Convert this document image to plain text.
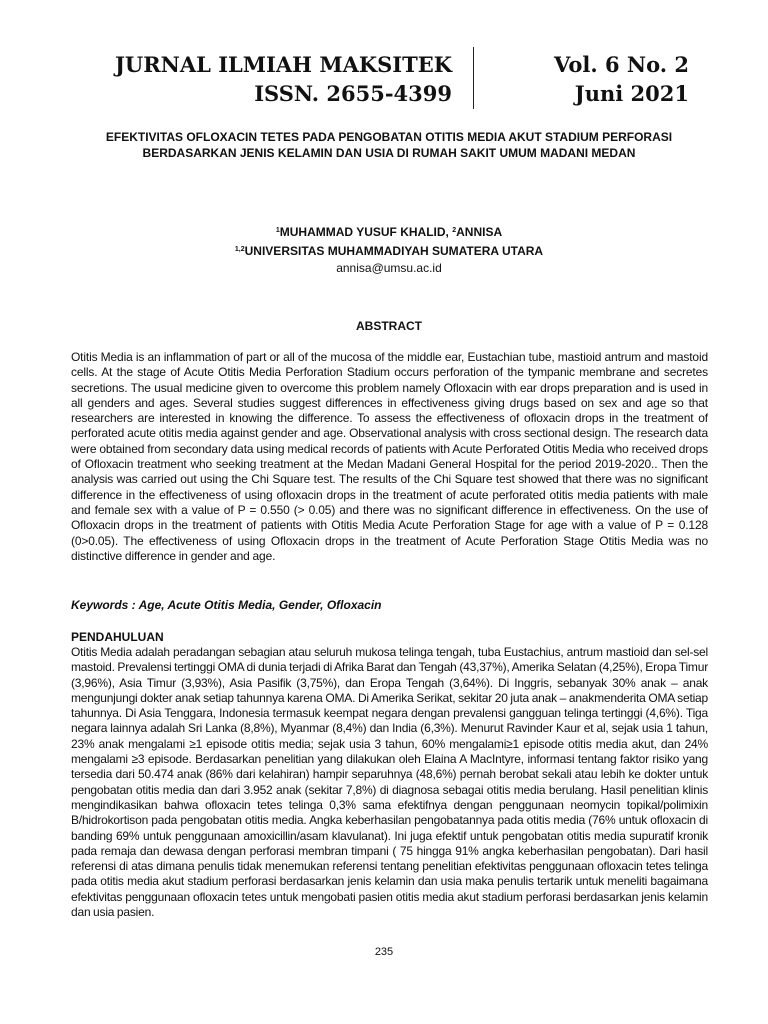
JURNAL ILMIAH MAKSITEK
ISSN. 2655-4399
Vol. 6 No. 2
Juni 2021
EFEKTIVITAS OFLOXACIN TETES PADA PENGOBATAN OTITIS MEDIA AKUT STADIUM PERFORASI
BERDASARKAN JENIS KELAMIN DAN USIA DI RUMAH SAKIT UMUM MADANI MEDAN
$^1$MUHAMMAD YUSUF KHALID, $^2$ANNISA
$^{1,2}$UNIVERSITAS MUHAMMADIYAH SUMATERA UTARA
annisa@umsu.ac.id
ABSTRACT
Otitis Media is an inflammation of part or all of the mucosa of the middle ear, Eustachian tube, mastioid antrum and mastoid cells. At the stage of Acute Otitis Media Perforation Stadium occurs perforation of the tympanic membrane and secretes secretions. The usual medicine given to overcome this problem namely Ofloxacin with ear drops preparation and is used in all genders and ages. Several studies suggest differences in effectiveness giving drugs based on sex and age so that researchers are interested in knowing the difference. To assess the effectiveness of ofloxacin drops in the treatment of perforated acute otitis media against gender and age. Observational analysis with cross sectional design. The research data were obtained from secondary data using medical records of patients with Acute Perforated Otitis Media who received drops of Ofloxacin treatment who seeking treatment at the Medan Madani General Hospital for the period 2019-2020.. Then the analysis was carried out using the Chi Square test. The results of the Chi Square test showed that there was no significant difference in the effectiveness of using ofloxacin drops in the treatment of acute perforated otitis media patients with male and female sex with a value of P = 0.550 (> 0.05) and there was no significant difference in effectiveness. On the use of Ofloxacin drops in the treatment of patients with Otitis Media Acute Perforation Stage for age with a value of P = 0.128 (0>0.05). The effectiveness of using Ofloxacin drops in the treatment of Acute Perforation Stage Otitis Media was no distinctive difference in gender and age.
Keywords : Age, Acute Otitis Media, Gender, Ofloxacin
PENDAHULUAN
Otitis Media adalah peradangan sebagian atau seluruh mukosa telinga tengah, tuba Eustachius, antrum mastioid dan sel-sel mastoid. Prevalensi tertinggi OMA di dunia terjadi di Afrika Barat dan Tengah (43,37%), Amerika Selatan (4,25%), Eropa Timur (3,96%), Asia Timur (3,93%), Asia Pasifik (3,75%), dan Eropa Tengah (3,64%). Di Inggris, sebanyak 30% anak – anak mengunjungi dokter anak setiap tahunnya karena OMA. Di Amerika Serikat, sekitar 20 juta anak – anakmenderita OMA setiap tahunnya. Di Asia Tenggara, Indonesia termasuk keempat negara dengan prevalensi gangguan telinga tertinggi (4,6%). Tiga negara lainnya adalah Sri Lanka (8,8%), Myanmar (8,4%) dan India (6,3%). Menurut Ravinder Kaur et al, sejak usia 1 tahun, 23% anak mengalami ≥1 episode otitis media; sejak usia 3 tahun, 60% mengalami≥1 episode otitis media akut, dan 24% mengalami ≥3 episode. Berdasarkan penelitian yang dilakukan oleh Elaina A MacIntyre, informasi tentang faktor risiko yang tersedia dari 50.474 anak (86% dari kelahiran) hampir separuhnya (48,6%) pernah berobat sekali atau lebih ke dokter untuk pengobatan otitis media dan dari 3.952 anak (sekitar 7,8%) di diagnosa sebagai otitis media berulang. Hasil penelitian klinis mengindikasikan bahwa ofloxacin tetes telinga 0,3% sama efektifnya dengan penggunaan neomycin topikal/polimixin B/hidrokortison pada pengobatan otitis media. Angka keberhasilan pengobatannya pada otitis media (76% untuk ofloxacin di banding 69% untuk penggunaan amoxicillin/asam klavulanat). Ini juga efektif untuk pengobatan otitis media supuratif kronik pada remaja dan dewasa dengan perforasi membran timpani ( 75 hingga 91% angka keberhasilan pengobatan). Dari hasil referensi di atas dimana penulis tidak menemukan referensi tentang penelitian efektivitas penggunaan ofloxacin tetes telinga pada otitis media akut stadium perforasi berdasarkan jenis kelamin dan usia maka penulis tertarik untuk meneliti bagaimana efektivitas penggunaan ofloxacin tetes untuk mengobati pasien otitis media akut stadium perforasi berdasarkan jenis kelamin dan usia pasien.
235
